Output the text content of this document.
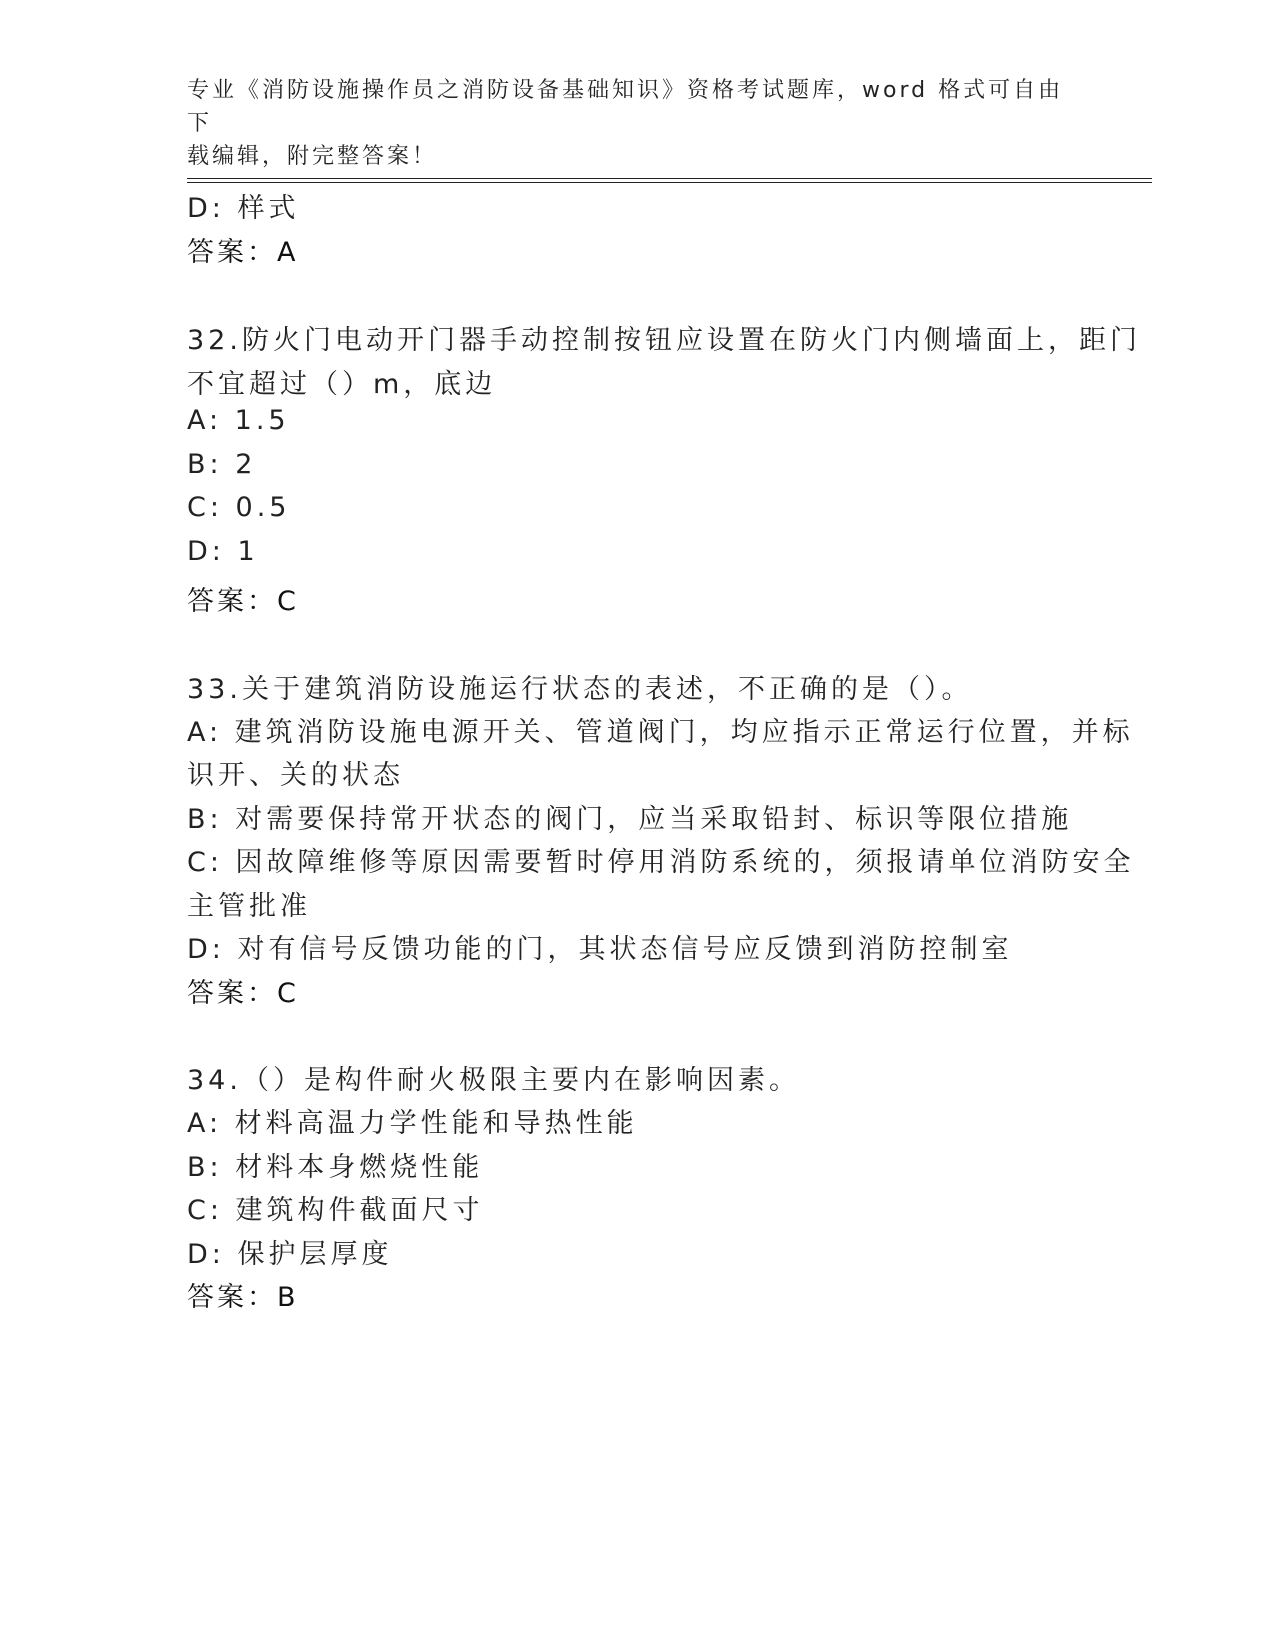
专业《消防设施操作员之消防设备基础知识》资格考试题库，word 格式可自由下
载编辑，附完整答案！
D: 样式
答案：A
32.防火门电动开门器手动控制按钮应设置在防火门内侧墙面上，距门
不宜超过（）m，底边
A: 1.5
B: 2
C: 0.5
D: 1
答案：C
33.关于建筑消防设施运行状态的表述，不正确的是（）。
A: 建筑消防设施电源开关、管道阀门，均应指示正常运行位置，并标
识开、关的状态
B: 对需要保持常开状态的阀门，应当采取铅封、标识等限位措施
C: 因故障维修等原因需要暂时停用消防系统的，须报请单位消防安全
主管批准
D: 对有信号反馈功能的门，其状态信号应反馈到消防控制室
答案：C
34.（）是构件耐火极限主要内在影响因素。
A: 材料高温力学性能和导热性能
B: 材料本身燃烧性能
C: 建筑构件截面尺寸
D: 保护层厚度
答案：B
